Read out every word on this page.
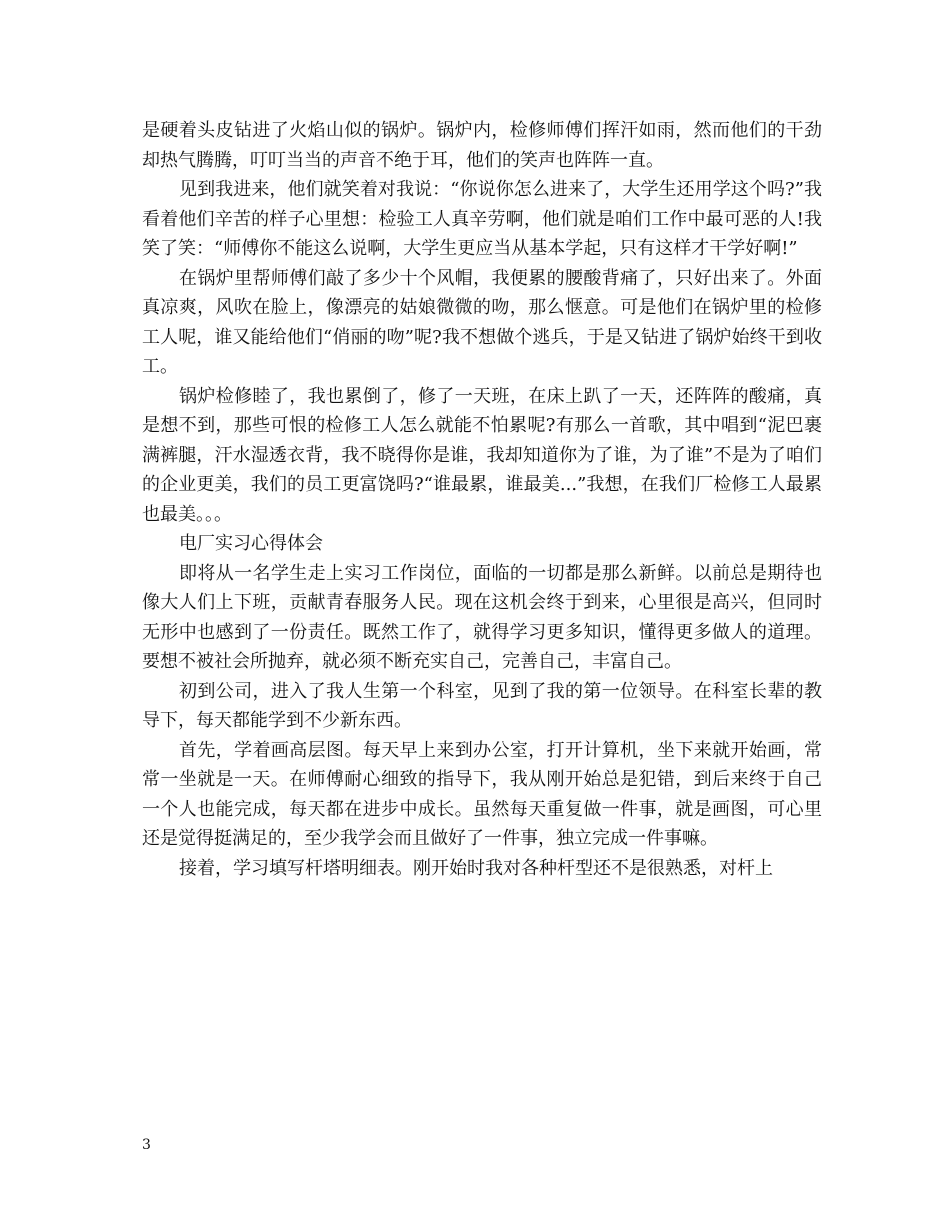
是硬着头皮钻进了火焰山似的锅炉。锅炉内，检修师傅们挥汗如雨，然而他们的干劲却热气腾腾，叮叮当当的声音不绝于耳，他们的笑声也阵阵一直。

见到我进来，他们就笑着对我说：“你说你怎么进来了，大学生还用学这个吗?”我看着他们辛苦的样子心里想：检验工人真辛劳啊，他们就是咱们工作中最可恶的人!我笑了笑：“师傅你不能这么说啊，大学生更应当从基本学起，只有这样才干学好啊!”

在锅炉里帮师傅们敲了多少十个风帽，我便累的腰酸背痛了，只好出来了。外面真凉爽，风吹在脸上，像漂亮的姑娘微微的吻，那么惬意。可是他们在锅炉里的检修工人呢，谁又能给他们“俏丽的吻”呢?我不想做个逃兵，于是又钻进了锅炉始终干到收工。

锅炉检修睦了，我也累倒了，修了一天班，在床上趴了一天，还阵阵的酸痛，真是想不到，那些可恨的检修工人怎么就能不怕累呢?有那么一首歌，其中唱到“泥巴裹满裤腿，汗水湿透衣背，我不晓得你是谁，我却知道你为了谁，为了谁”不是为了咱们的企业更美，我们的员工更富饶吗?“谁最累，谁最美...”我想，在我们厂检修工人最累也最美。。。

电厂实习心得体会

即将从一名学生走上实习工作岗位，面临的一切都是那么新鲜。以前总是期待也像大人们上下班，贡献青春服务人民。现在这机会终于到来，心里很是高兴，但同时无形中也感到了一份责任。既然工作了，就得学习更多知识，懂得更多做人的道理。要想不被社会所抛弃，就必须不断充实自己，完善自己，丰富自己。

初到公司，进入了我人生第一个科室，见到了我的第一位领导。在科室长辈的教导下，每天都能学到不少新东西。

首先，学着画高层图。每天早上来到办公室，打开计算机，坐下来就开始画，常常一坐就是一天。在师傅耐心细致的指导下，我从刚开始总是犯错，到后来终于自己一个人也能完成，每天都在进步中成长。虽然每天重复做一件事，就是画图，可心里还是觉得挺满足的，至少我学会而且做好了一件事，独立完成一件事嘛。

接着，学习填写杆塔明细表。刚开始时我对各种杆型还不是很熟悉，对杆上

3
